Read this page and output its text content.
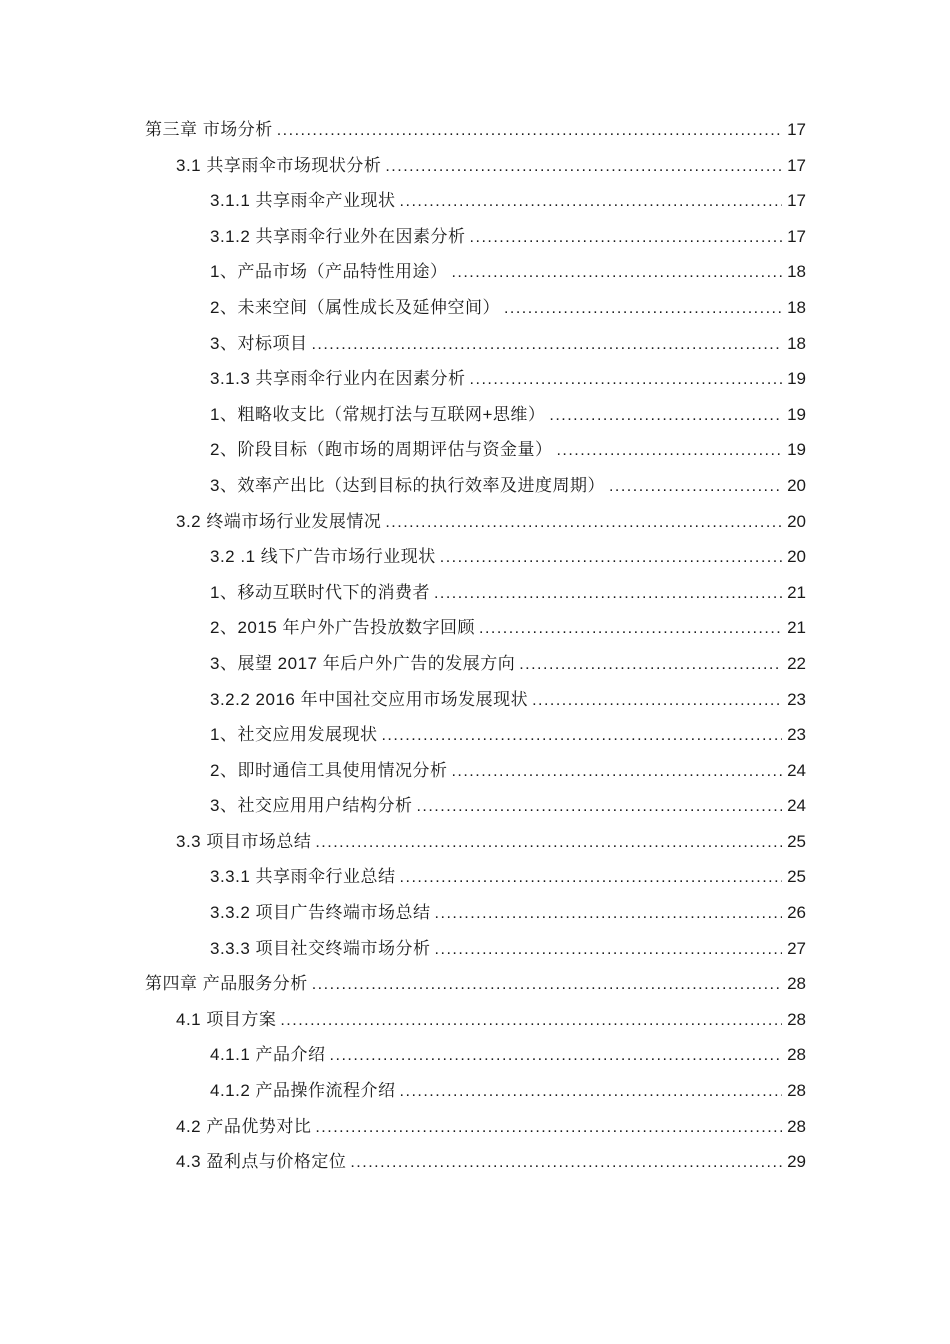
第三章 市场分析 .....	17
3.1 共享雨伞市场现状分析 .....	17
3.1.1 共享雨伞产业现状 .....	17
3.1.2 共享雨伞行业外在因素分析 .....	17
1、产品市场（产品特性用途） .....	18
2、未来空间（属性成长及延伸空间） .....	18
3、对标项目 .....	18
3.1.3 共享雨伞行业内在因素分析 .....	19
1、粗略收支比（常规打法与互联网+思维） .....	19
2、阶段目标（跑市场的周期评估与资金量） .....	19
3、效率产出比（达到目标的执行效率及进度周期） .....	20
3.2 终端市场行业发展情况 .....	20
3.2 .1 线下广告市场行业现状 .....	20
1、移动互联时代下的消费者 .....	21
2、2015 年户外广告投放数字回顾 .....	21
3、展望 2017 年后户外广告的发展方向 .....	22
3.2.2 2016 年中国社交应用市场发展现状 .....	23
1、社交应用发展现状 .....	23
2、即时通信工具使用情况分析 .....	24
3、社交应用用户结构分析 .....	24
3.3 项目市场总结 .....	25
3.3.1 共享雨伞行业总结 .....	25
3.3.2 项目广告终端市场总结 .....	26
3.3.3 项目社交终端市场分析 .....	27
第四章 产品服务分析 .....	28
4.1 项目方案 .....	28
4.1.1 产品介绍 .....	28
4.1.2 产品操作流程介绍 .....	28
4.2 产品优势对比 .....	28
4.3 盈利点与价格定位 .....	29
